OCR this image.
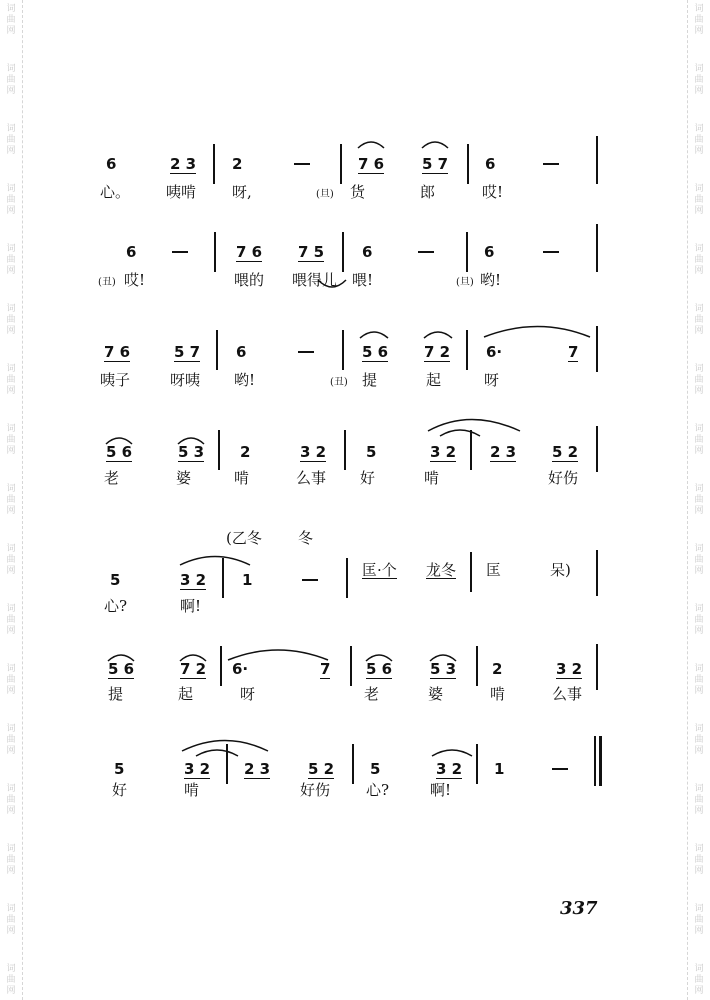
词
曲
网
词
曲
网
词
曲
网
词
曲
网
词
曲
网
词
曲
网
词
曲
网
词
曲
网
词
曲
网
词
曲
网
词
曲
网
词
曲
网
词
曲
网
词
曲
网
词
曲
网
词
曲
网
词
曲
网
词
曲
网
词
曲
网
词
曲
网
词
曲
网
词
曲
网
词
曲
网
词
曲
网
词
曲
网
词
曲
网
词
曲
网
词
曲
网
词
曲
网
词
曲
网
词
曲
网
词
曲
网
词
曲
网
词
曲
网
6	2 3 2	7 6	5 7 6
心。 咦啃 呀,	(旦) 货	郎	哎!
6	7 6 7 5	6	6
(丑) 哎!	喂的 喂得儿 喂!	(旦) 哟!
7 6	5 7 6	5 6 7 2 6·	7
咦子	呀咦 哟!	(丑) 提	起	呀
5 6	5 3 2	3 2	5	3 2 2 3 5 2
老	婆	啃	么事 好	啃	好伤
(乙冬 冬
5	3 2 1
匡·个 龙冬 匡	呆)
心?	啊!
5 6	7 2 6·	7 5 6	5 3 2	3 2
提	起	呀	老	婆	啃	么事
5	3 2 2 3	5 2 5	3 2 1
好	啃	好伤 心?	啊!
337
